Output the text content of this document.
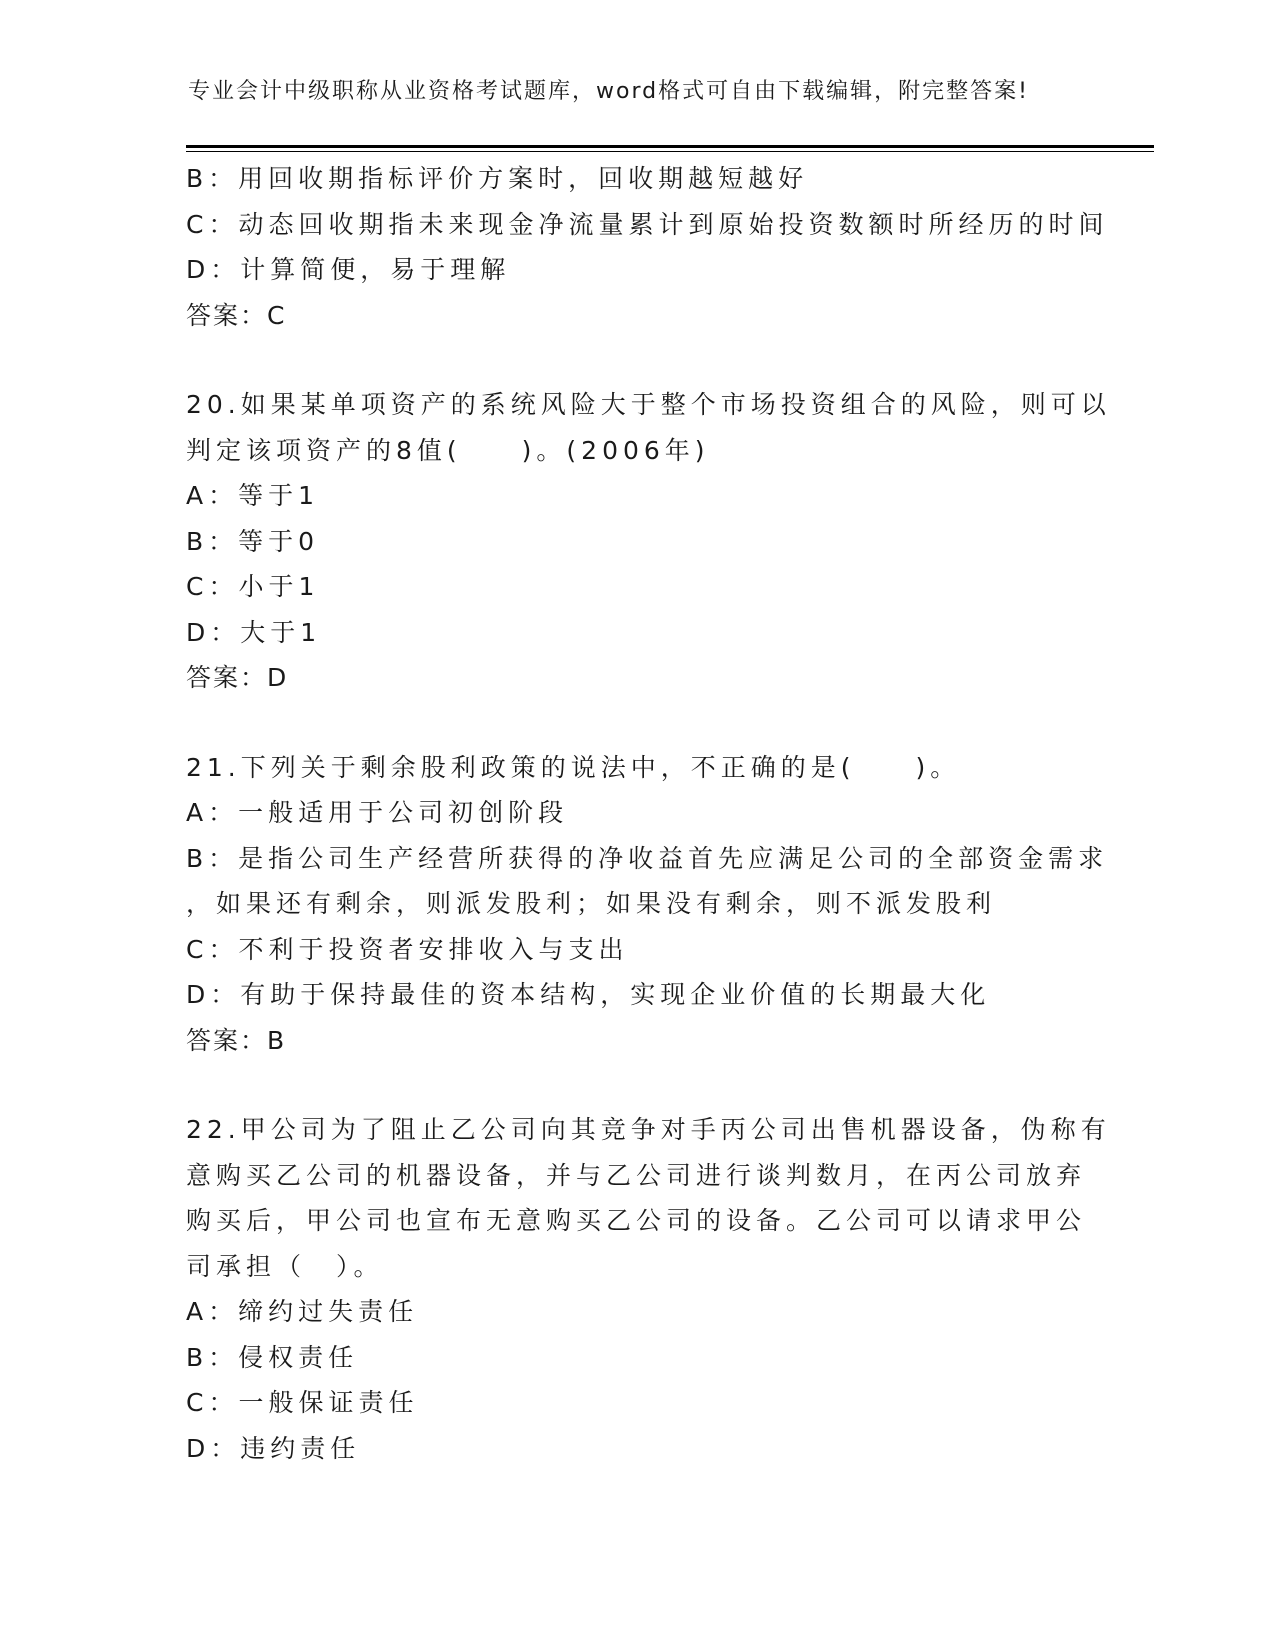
专业会计中级职称从业资格考试题库，word格式可自由下载编辑，附完整答案!
B：用回收期指标评价方案时，回收期越短越好
C：动态回收期指未来现金净流量累计到原始投资数额时所经历的时间
D：计算简便，易于理解
答案：C
20.如果某单项资产的系统风险大于整个市场投资组合的风险，则可以
判定该项资产的8值(　　)。(2006年)
A：等于1
B：等于0
C：小于1
D：大于1
答案：D
21.下列关于剩余股利政策的说法中，不正确的是(　　)。
A：一般适用于公司初创阶段
B：是指公司生产经营所获得的净收益首先应满足公司的全部资金需求
，如果还有剩余，则派发股利；如果没有剩余，则不派发股利
C：不利于投资者安排收入与支出
D：有助于保持最佳的资本结构，实现企业价值的长期最大化
答案：B
22.甲公司为了阻止乙公司向其竞争对手丙公司出售机器设备，伪称有
意购买乙公司的机器设备，并与乙公司进行谈判数月，在丙公司放弃
购买后，甲公司也宣布无意购买乙公司的设备。乙公司可以请求甲公
司承担（　）。
A：缔约过失责任
B：侵权责任
C：一般保证责任
D：违约责任
